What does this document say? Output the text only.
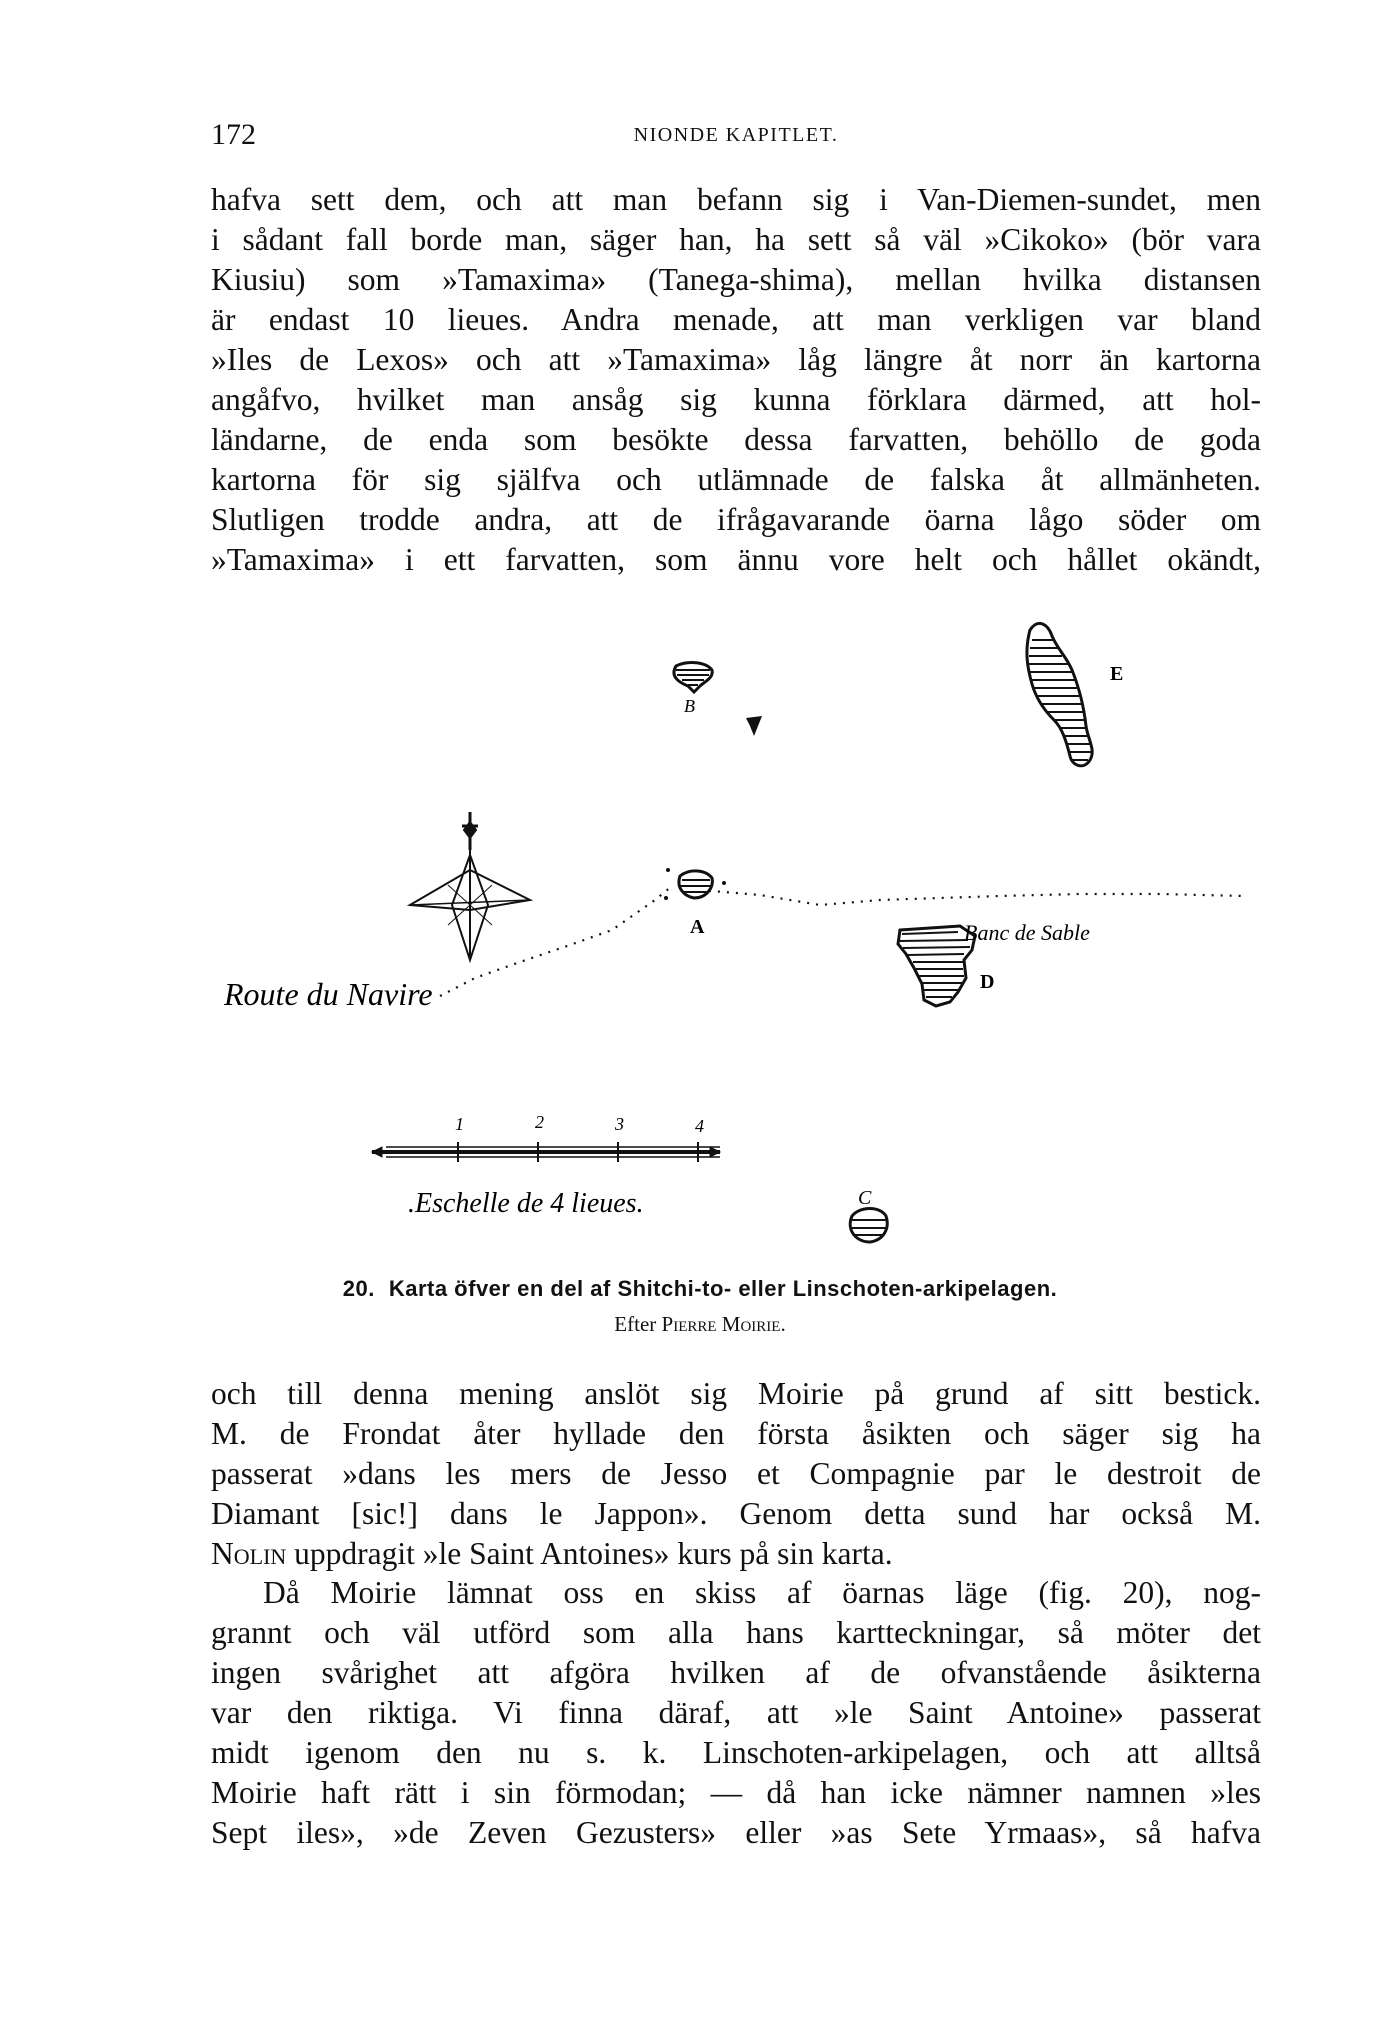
172	NIONDE KAPITLET.
hafva sett dem, och att man befann sig i Van-Diemen-sundet, men
i sådant fall borde man, säger han, ha sett så väl »Cikoko» (bör vara
Kiusiu) som »Tamaxima» (Tanega-shima), mellan hvilka distansen
är endast 10 lieues. Andra menade, att man verkligen var bland
»Iles de Lexos» och att »Tamaxima» låg längre åt norr än kartorna
angåfvo, hvilket man ansåg sig kunna förklara därmed, att hol-
ländarne, de enda som besökte dessa farvatten, behöllo de goda
kartorna för sig själfva och utlämnade de falska åt allmänheten.
Slutligen trodde andra, att de ifrågavarande öarna lågo söder om
»Tamaxima» i ett farvatten, som ännu vore helt och hållet okändt,
B
E
Route du Navire
A
D
Banc de Sable
1	2	3	4
.Eschelle de 4 lieues.	C
20. Karta öfver en del af Shitchi-to- eller Linschoten-arkipelagen.
Efter Pierre Moirie.
och till denna mening anslöt sig Moirie på grund af sitt bestick.
M. de Frondat åter hyllade den första åsikten och säger sig ha
passerat »dans les mers de Jesso et Compagnie par le destroit de
Diamant [sic!] dans le Jappon». Genom detta sund har också M.
Nolin uppdragit »le Saint Antoines» kurs på sin karta.
Då Moirie lämnat oss en skiss af öarnas läge (fig. 20), nog-
grannt och väl utförd som alla hans kartteckningar, så möter det
ingen svårighet att afgöra hvilken af de ofvanstående åsikterna
var den riktiga. Vi finna däraf, att »le Saint Antoine» passerat
midt igenom den nu s. k. Linschoten-arkipelagen, och att alltså
Moirie haft rätt i sin förmodan; — då han icke nämner namnen »les
Sept iles», »de Zeven Gezusters» eller »as Sete Yrmaas», så hafva
